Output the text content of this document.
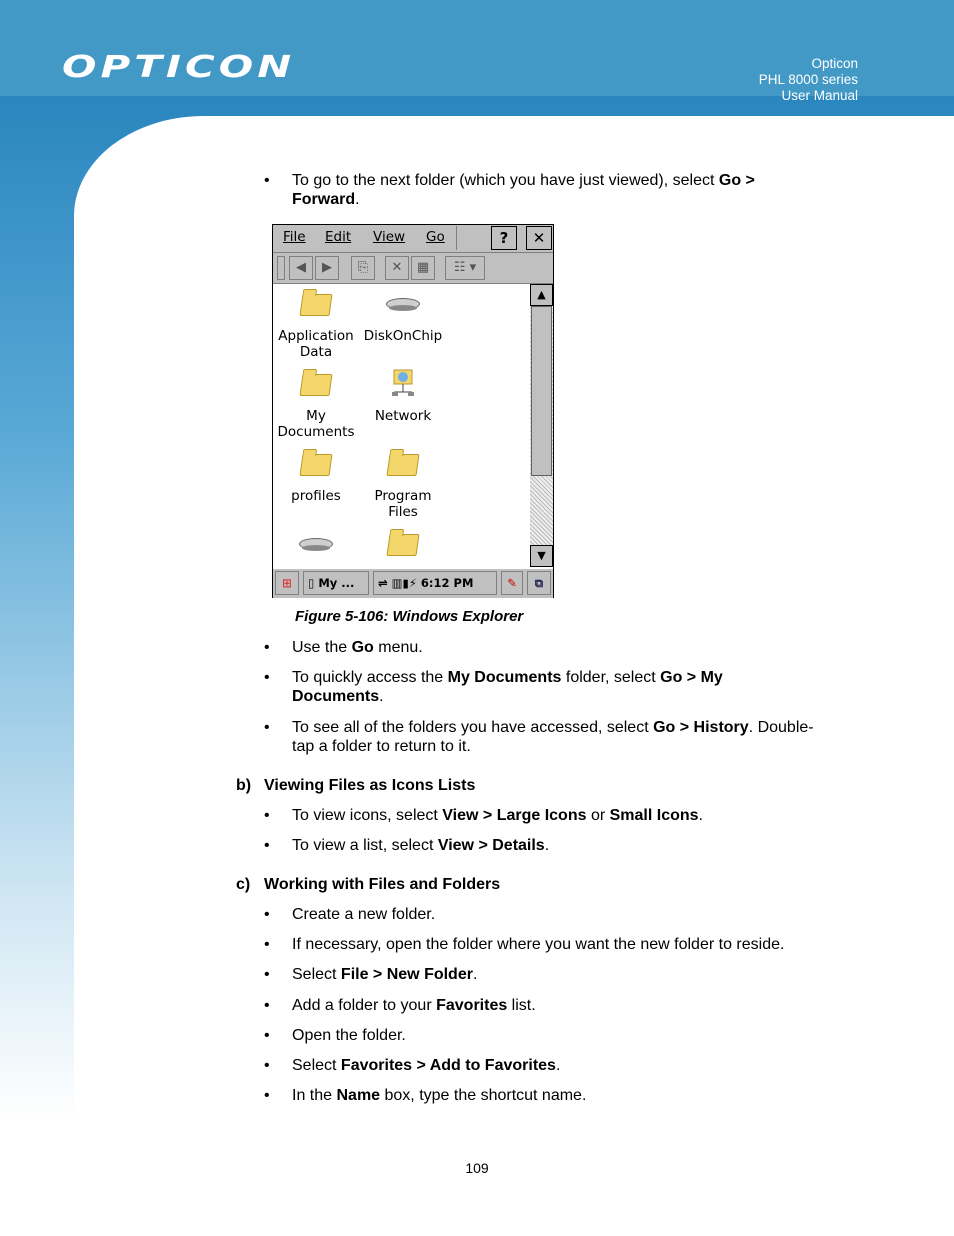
OPTICON	Opticon
PHL 8000 series
User Manual
• To go to the next folder (which you have just viewed), select Go >
Forward.
File Edit View Go	?	✕
◀	▶	⎘	✕	▦	☷ ▾
Application Data
DiskOnChip
My Documents
Network
profiles	Program Files
▲
▼
⊞	▯ My ...	⇌ ▥▮⚡ 6:12 PM	✎	⧉
Figure 5-106: Windows Explorer
• Use the Go menu.
• To quickly access the My Documents folder, select Go > My
Documents.
• To see all of the folders you have accessed, select Go > History. Double-
tap a folder to return to it.
b) Viewing Files as Icons Lists
• To view icons, select View > Large Icons or Small Icons.
• To view a list, select View > Details.
c) Working with Files and Folders
• Create a new folder.
• If necessary, open the folder where you want the new folder to reside.
• Select File > New Folder.
• Add a folder to your Favorites list.
• Open the folder.
• Select Favorites > Add to Favorites.
• In the Name box, type the shortcut name.
109
